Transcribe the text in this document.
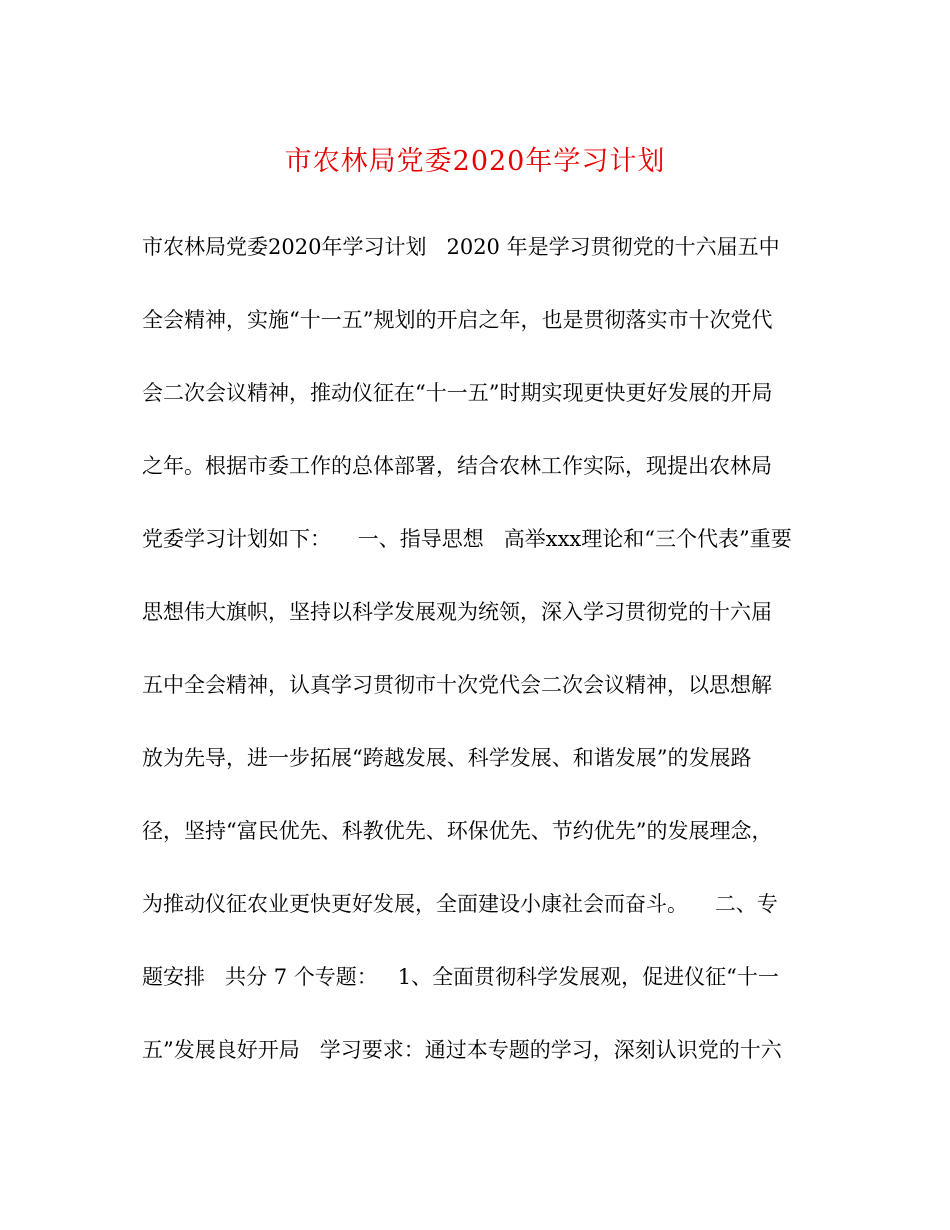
市农林局党委2020年学习计划
市农林局党委2020年学习计划   2020 年是学习贯彻党的十六届五中
全会精神，实施“十一五”规划的开启之年，也是贯彻落实市十次党代
会二次会议精神，推动仪征在“十一五”时期实现更快更好发展的开局
之年。根据市委工作的总体部署，结合农林工作实际，现提出农林局
党委学习计划如下：    一、指导思想   高举xxx理论和“三个代表”重要
思想伟大旗帜，坚持以科学发展观为统领，深入学习贯彻党的十六届
五中全会精神，认真学习贯彻市十次党代会二次会议精神，以思想解
放为先导，进一步拓展“跨越发展、科学发展、和谐发展”的发展路
径，坚持“富民优先、科教优先、环保优先、节约优先”的发展理念，
为推动仪征农业更快更好发展，全面建设小康社会而奋斗。    二、专
题安排   共分 7 个专题：   1、全面贯彻科学发展观，促进仪征“十一
五”发展良好开局   学习要求：通过本专题的学习，深刻认识党的十六
